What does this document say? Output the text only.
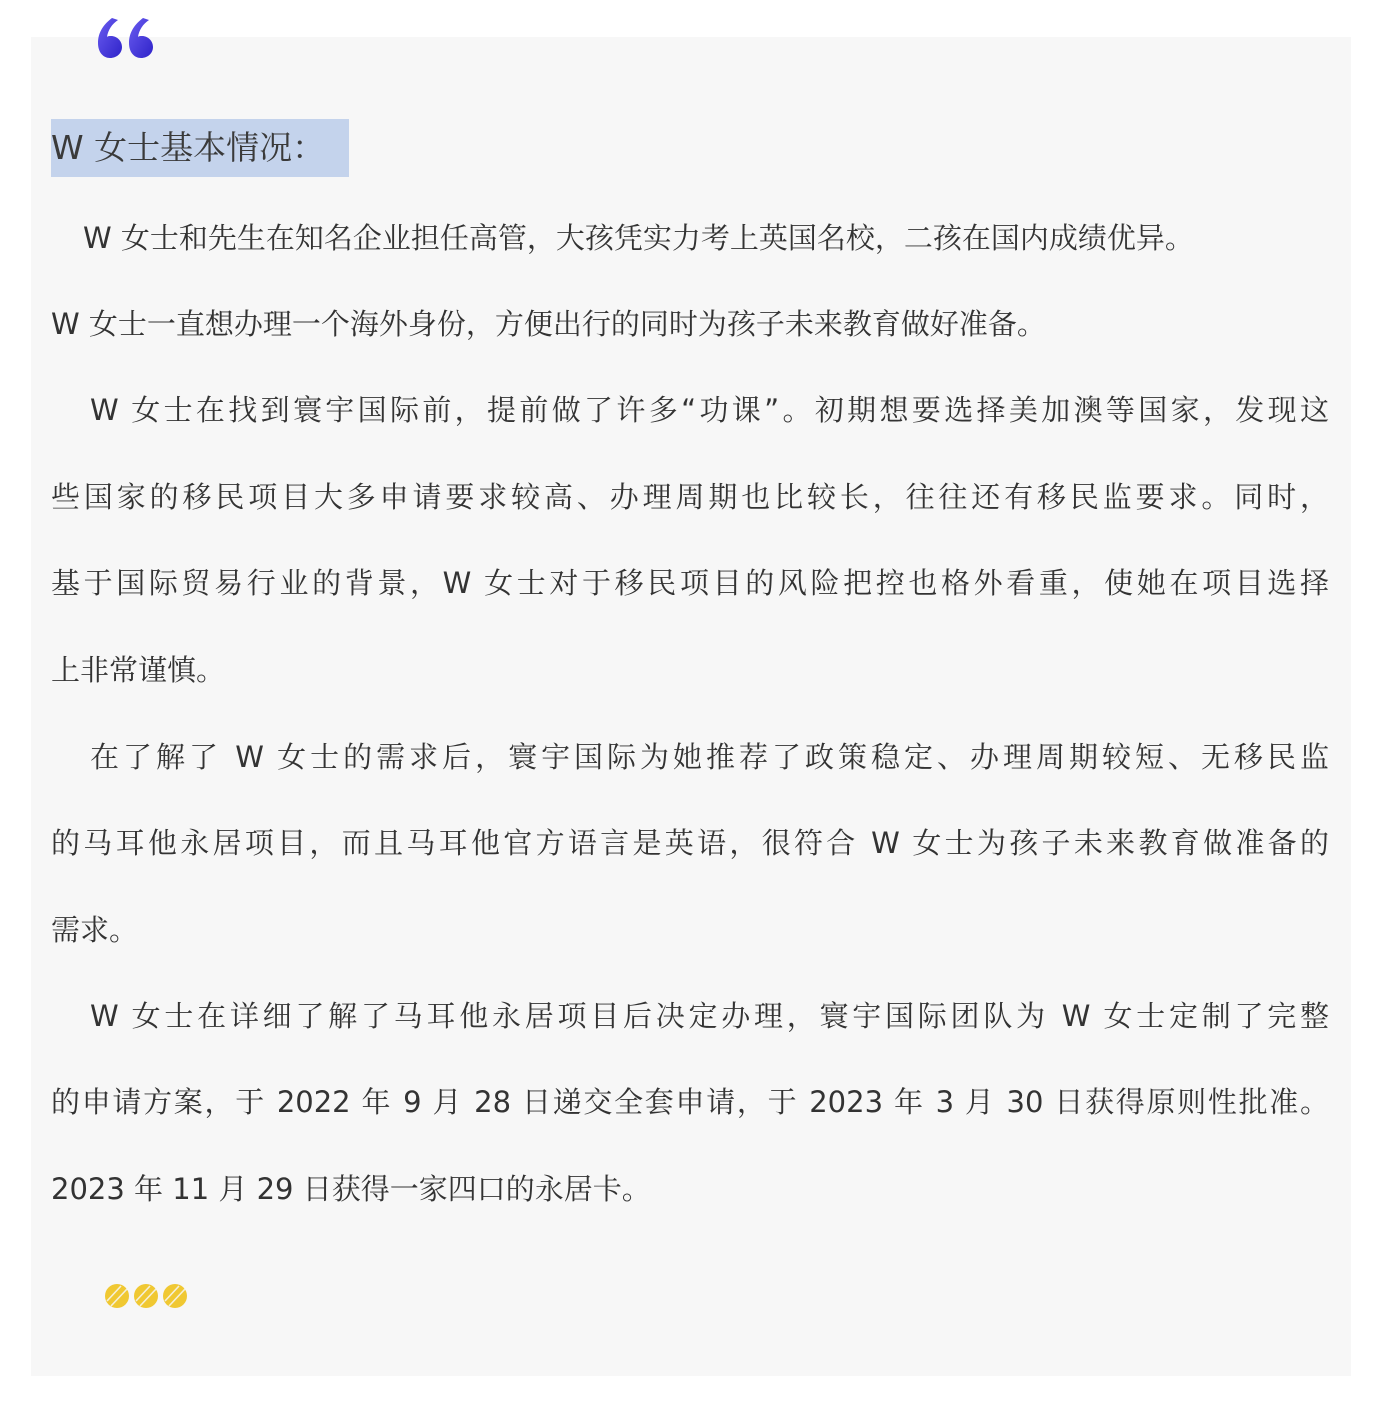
W 女士基本情况：
W 女士和先生在知名企业担任高管，大孩凭实力考上英国名校，二孩在国内成绩优异。
W 女士一直想办理一个海外身份，方便出行的同时为孩子未来教育做好准备。
W 女士在找到寰宇国际前，提前做了许多“功课”。初期想要选择美加澳等国家，发现这
些国家的移民项目大多申请要求较高、办理周期也比较长，往往还有移民监要求。同时，
基于国际贸易行业的背景，W 女士对于移民项目的风险把控也格外看重，使她在项目选择
上非常谨慎。
在了解了 W 女士的需求后，寰宇国际为她推荐了政策稳定、办理周期较短、无移民监
的马耳他永居项目，而且马耳他官方语言是英语，很符合 W 女士为孩子未来教育做准备的
需求。
W 女士在详细了解了马耳他永居项目后决定办理，寰宇国际团队为 W 女士定制了完整
的申请方案，于 2022 年 9 月 28 日递交全套申请，于 2023 年 3 月 30 日获得原则性批准。
2023 年 11 月 29 日获得一家四口的永居卡。
